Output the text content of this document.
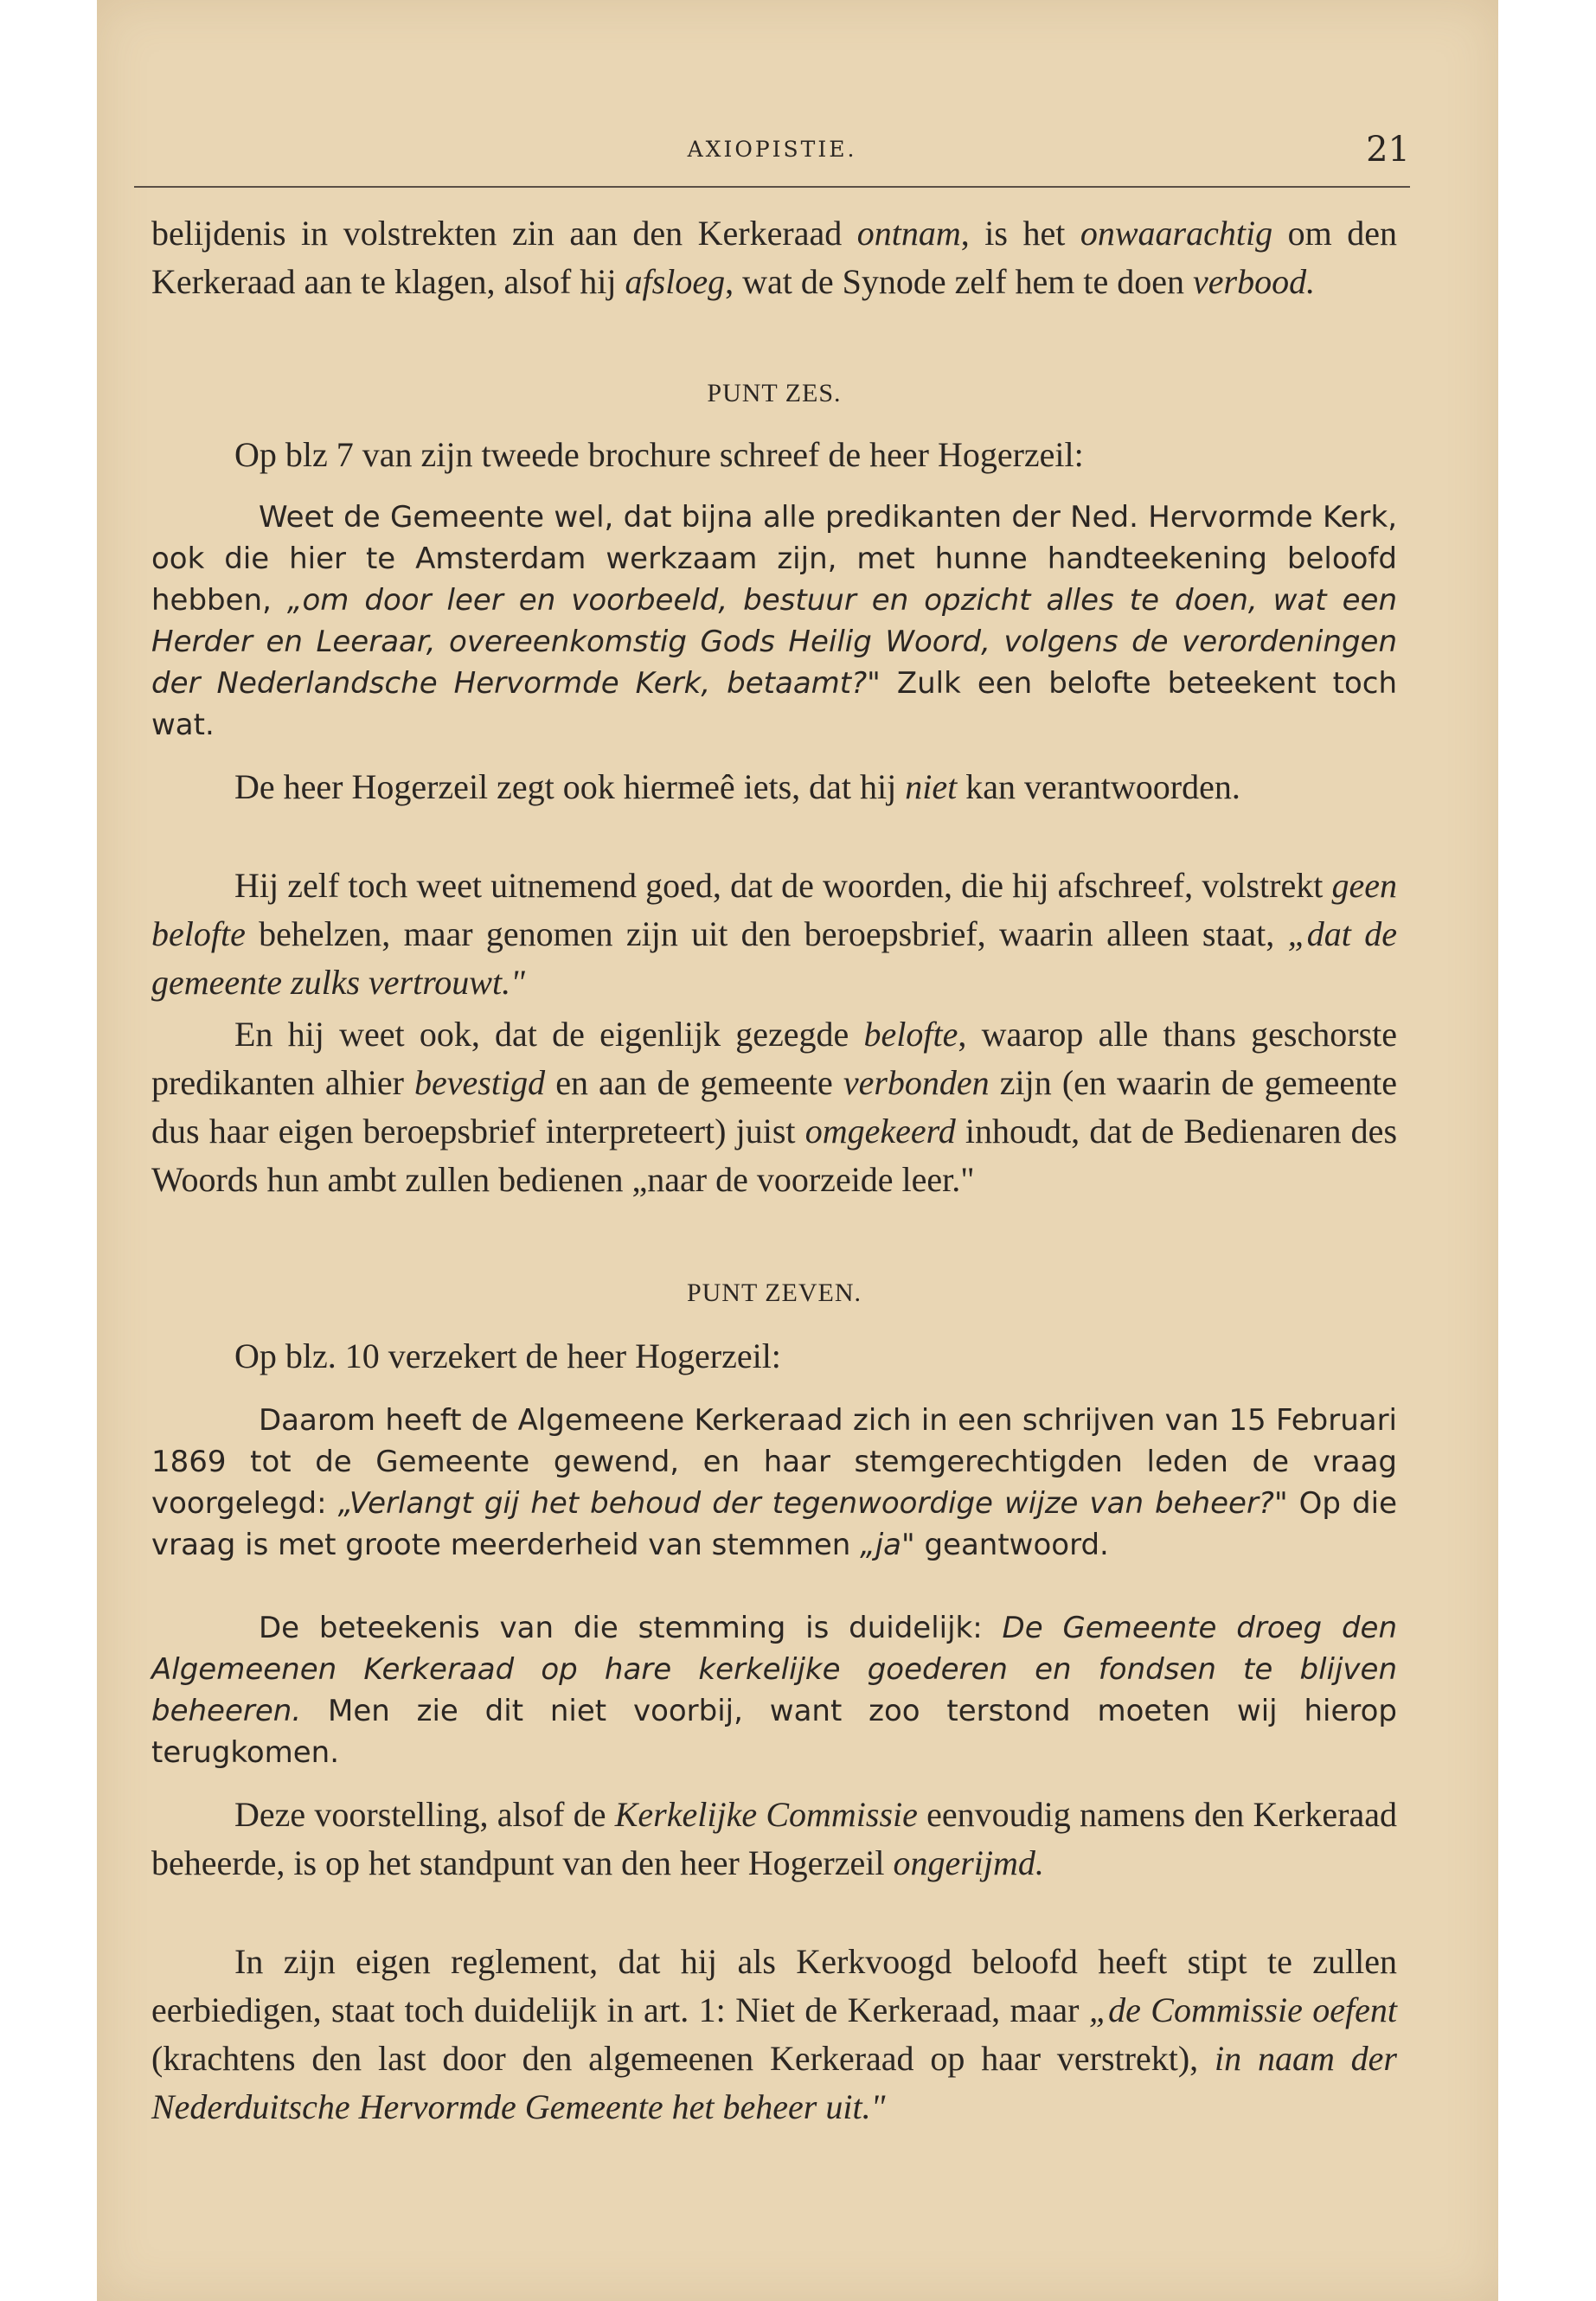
AXIOPISTIE.	21

belijdenis in volstrekten zin aan den Kerkeraad ontnam, is het onwaarachtig om den Kerkeraad aan te klagen, alsof hij afsloeg, wat de Synode zelf hem te doen verbood.

PUNT ZES.

Op blz 7 van zijn tweede brochure schreef de heer Hogerzeil:

Weet de Gemeente wel, dat bijna alle predikanten der Ned. Hervormde Kerk, ook die hier te Amsterdam werkzaam zijn, met hunne handteekening beloofd hebben, „om door leer en voorbeeld, bestuur en opzicht alles te doen, wat een Herder en Leeraar, overeenkomstig Gods Heilig Woord, volgens de verordeningen der Nederlandsche Hervormde Kerk, betaamt?" Zulk een belofte beteekent toch wat.

De heer Hogerzeil zegt ook hiermeê iets, dat hij niet kan verantwoorden.

Hij zelf toch weet uitnemend goed, dat de woorden, die hij afschreef, volstrekt geen belofte behelzen, maar genomen zijn uit den beroepsbrief, waarin alleen staat, „dat de gemeente zulks vertrouwt."

En hij weet ook, dat de eigenlijk gezegde belofte, waarop alle thans geschorste predikanten alhier bevestigd en aan de gemeente verbonden zijn (en waarin de gemeente dus haar eigen beroepsbrief interpreteert) juist omgekeerd inhoudt, dat de Bedienaren des Woords hun ambt zullen bedienen „naar de voorzeide leer."

PUNT ZEVEN.

Op blz. 10 verzekert de heer Hogerzeil:

Daarom heeft de Algemeene Kerkeraad zich in een schrijven van 15 Februari 1869 tot de Gemeente gewend, en haar stemgerechtigden leden de vraag voorgelegd: „Verlangt gij het behoud der tegenwoordige wijze van beheer?" Op die vraag is met groote meerderheid van stemmen „ja" geantwoord.

De beteekenis van die stemming is duidelijk: De Gemeente droeg den Algemeenen Kerkeraad op hare kerkelijke goederen en fondsen te blijven beheeren. Men zie dit niet voorbij, want zoo terstond moeten wij hierop terugkomen.

Deze voorstelling, alsof de Kerkelijke Commissie eenvoudig namens den Kerkeraad beheerde, is op het standpunt van den heer Hogerzeil ongerijmd.

In zijn eigen reglement, dat hij als Kerkvoogd beloofd heeft stipt te zullen eerbiedigen, staat toch duidelijk in art. 1: Niet de Kerkeraad, maar „de Commissie oefent (krachtens den last door den algemeenen Kerkeraad op haar verstrekt), in naam der Nederduitsche Hervormde Gemeente het beheer uit."
